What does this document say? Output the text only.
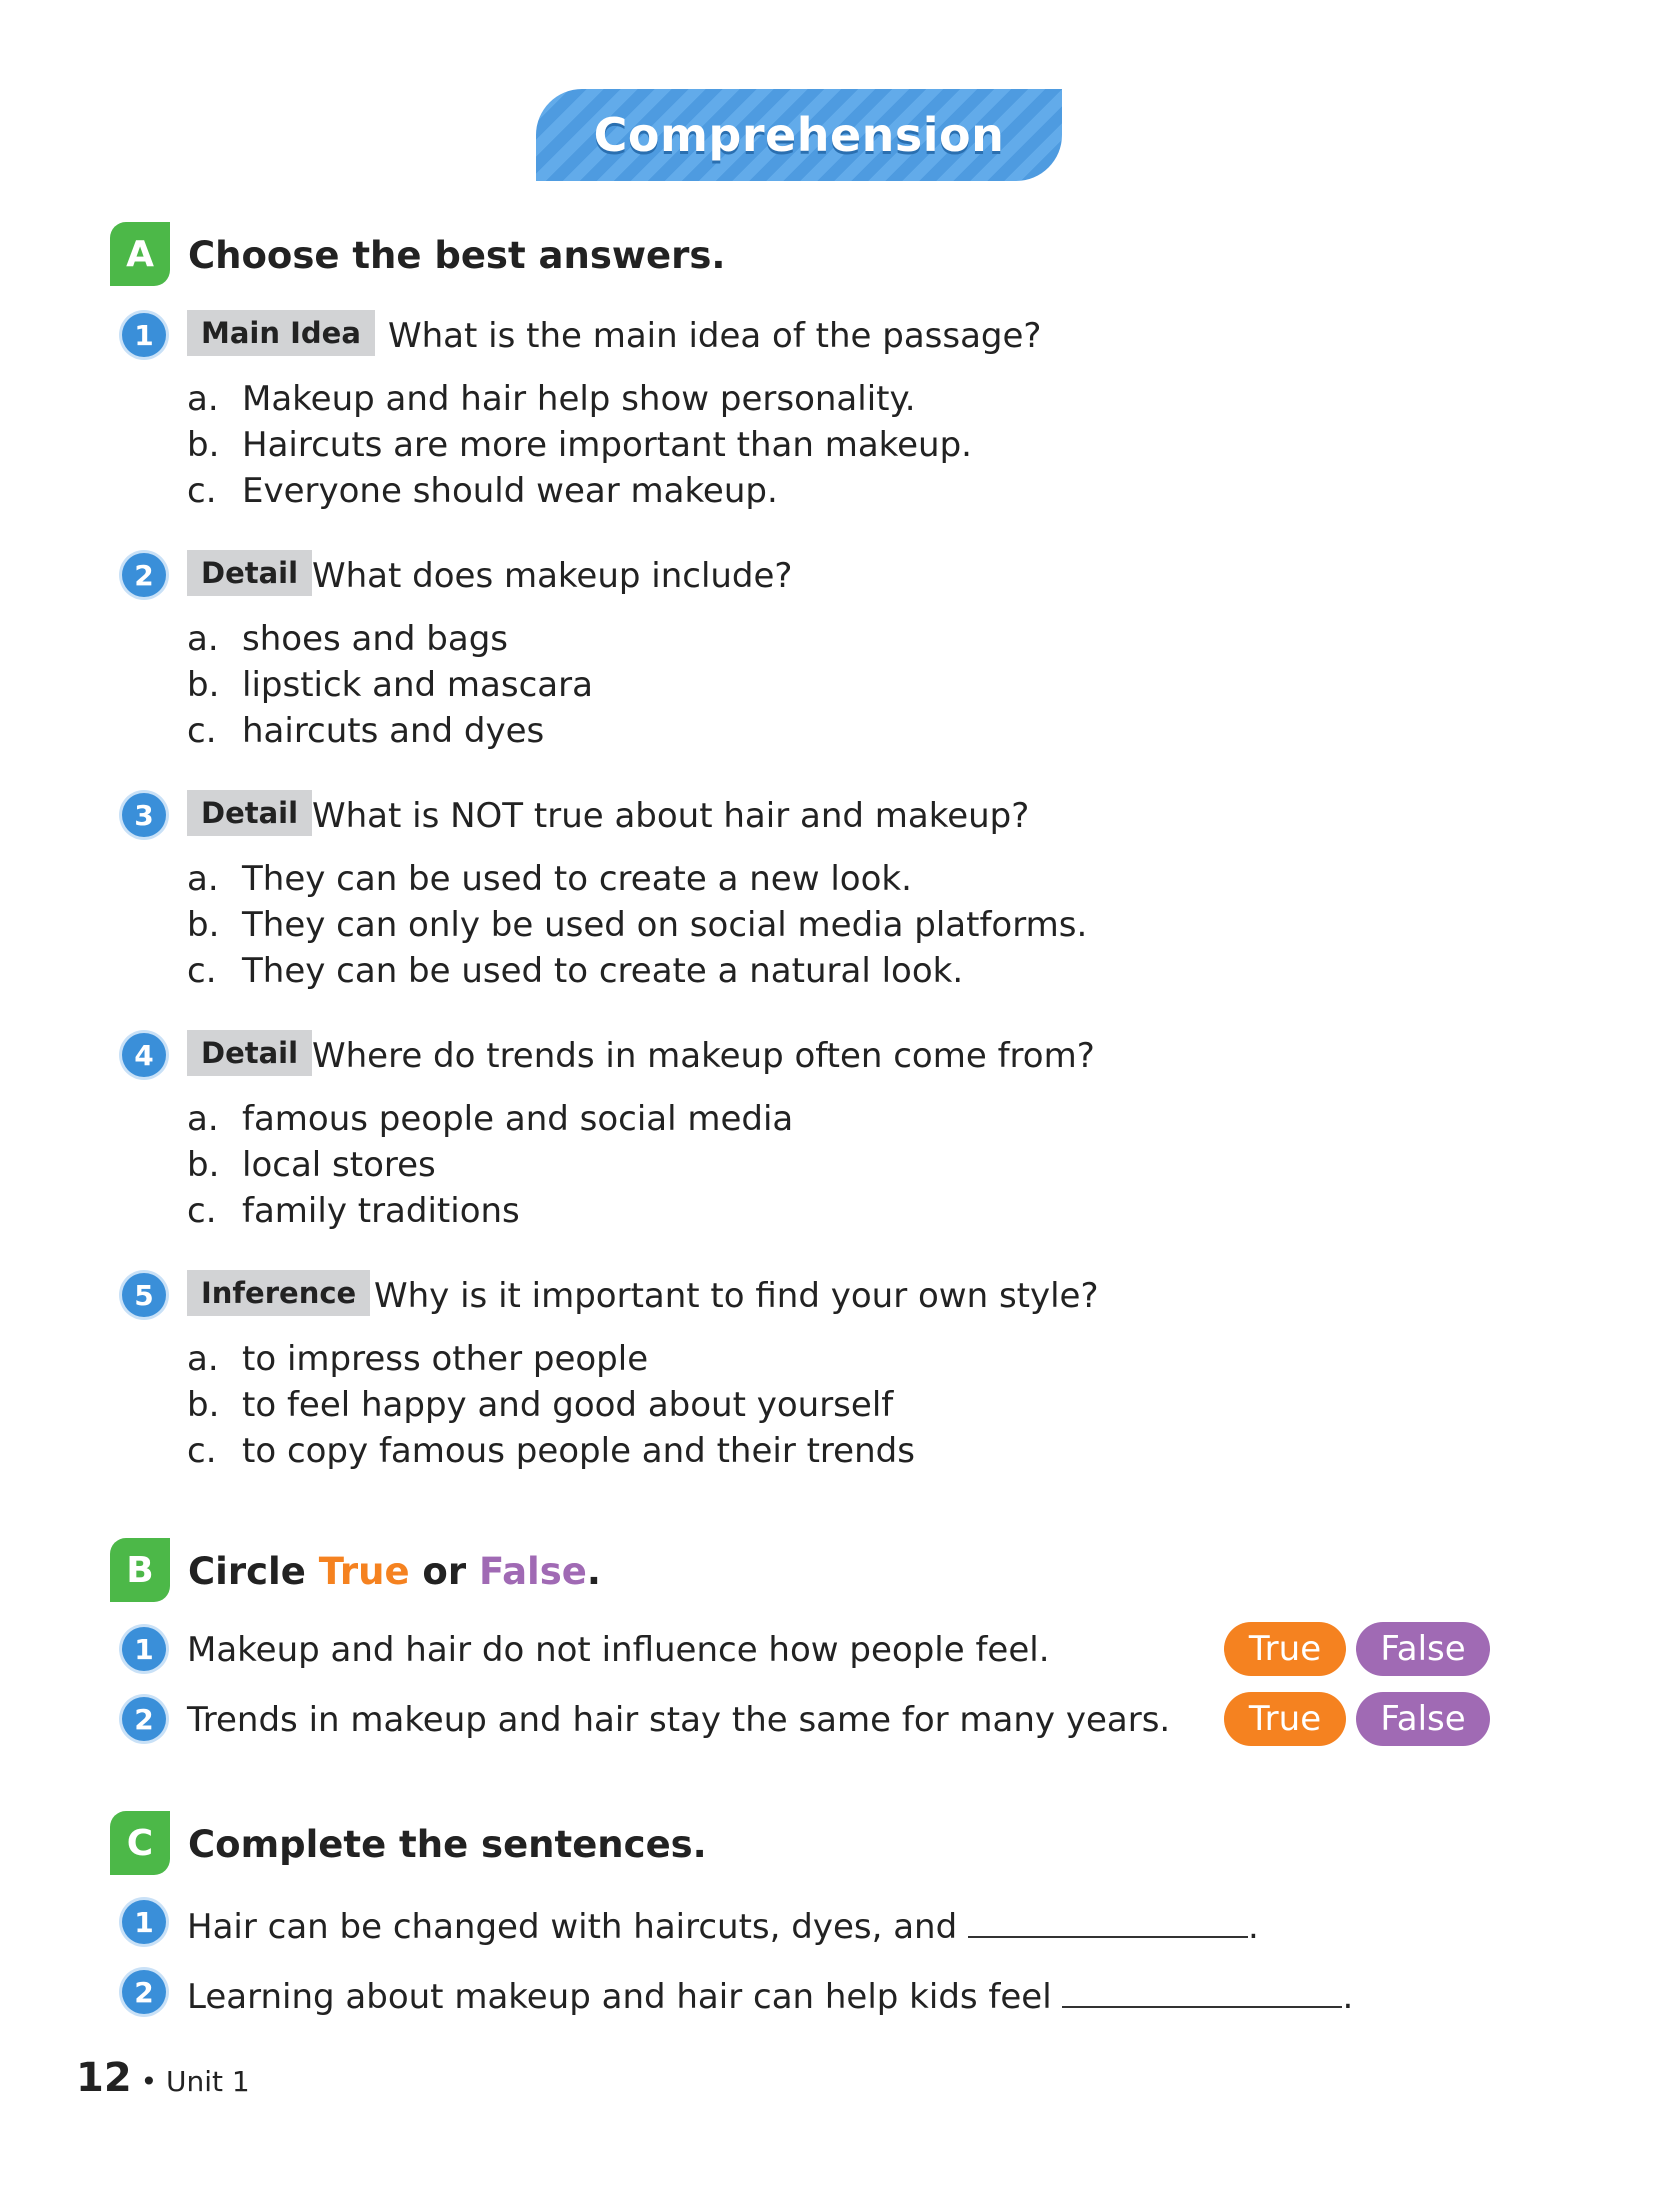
Comprehension
A Choose the best answers.
1	Main Idea What is the main idea of the passage?
a. Makeup and hair help show personality.
b. Haircuts are more important than makeup.
c. Everyone should wear makeup.
2	Detail What does makeup include?
a. shoes and bags
b. lipstick and mascara
c. haircuts and dyes
3	Detail What is NOT true about hair and makeup?
a. They can be used to create a new look.
b. They can only be used on social media platforms.
c. They can be used to create a natural look.
4	Detail Where do trends in makeup often come from?
a. famous people and social media
b. local stores
c. family traditions
5	Inference Why is it important to find your own style?
a. to impress other people
b. to feel happy and good about yourself
c. to copy famous people and their trends
B Circle True or False.
1 Makeup and hair do not influence how people feel.	True	False
2 Trends in makeup and hair stay the same for many years.	True	False
C Complete the sentences.
1 Hair can be changed with haircuts, dyes, and	.
2 Learning about makeup and hair can help kids feel	.
12 • Unit 1
